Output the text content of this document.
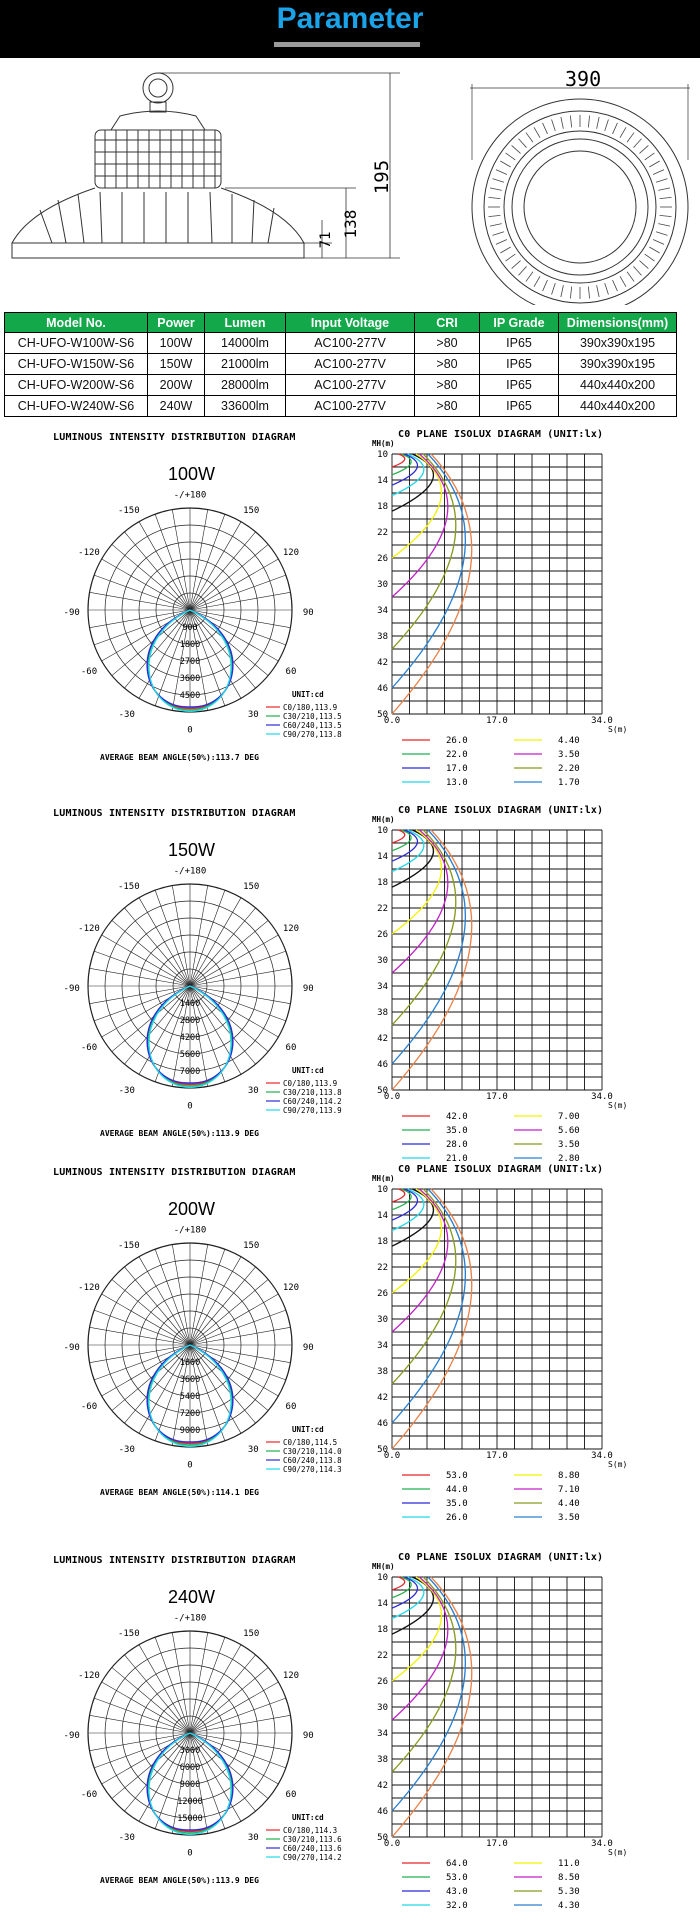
Parameter
390
195
138
71
Model No.	Power	Lumen	Input Voltage	CRI	IP Grade	Dimensions(mm)
CH-UFO-W100W-S6	100W	14000lm	AC100-277V	>80	IP65	390x390x195
CH-UFO-W150W-S6	150W	21000lm	AC100-277V	>80	IP65	390x390x195
CH-UFO-W200W-S6	200W	28000lm	AC100-277V	>80	IP65	440x440x200
CH-UFO-W240W-S6	240W	33600lm	AC100-277V	>80	IP65	440x440x200
LUMINOUS INTENSITY DISTRIBUTION DIAGRAM
100W
C0 PLANE ISOLUX DIAGRAM (UNIT:lx)
-/+180
-150	150
-120	120
-90	90
-60	60
-30	30
0
900
1800
2700
3600
4500	UNIT:cd
C0/180,113.9
C30/210,113.5
C60/240,113.5
C90/270,113.8
AVERAGE BEAM ANGLE(50%):113.7 DEG
MH(m)
10
14
18
22
26
30
34
38
42
46
50
0.0	17.0	34.0
S(m)
26.0
22.0
17.0
13.0
4.40
3.50
2.20
1.70
LUMINOUS INTENSITY DISTRIBUTION DIAGRAM
150W
C0 PLANE ISOLUX DIAGRAM (UNIT:lx)
-/+180
-150	150
-120	120
-90	90
-60	60
-30	30
0
1400
2800
4200
5600
7000	UNIT:cd
C0/180,113.9
C30/210,113.8
C60/240,114.2
C90/270,113.9
AVERAGE BEAM ANGLE(50%):113.9 DEG
MH(m)
10
14
18
22
26
30
34
38
42
46
50
0.0	17.0	34.0
S(m)
42.0
35.0
28.0
21.0
7.00
5.60
3.50
2.80
LUMINOUS INTENSITY DISTRIBUTION DIAGRAM
200W
C0 PLANE ISOLUX DIAGRAM (UNIT:lx)
-/+180
-150	150
-120	120
-90	90
-60	60
-30	30
0
1800
3600
5400
7200
9000	UNIT:cd
C0/180,114.5
C30/210,114.0
C60/240,113.8
C90/270,114.3
AVERAGE BEAM ANGLE(50%):114.1 DEG
MH(m)
10
14
18
22
26
30
34
38
42
46
50
0.0	17.0	34.0
S(m)
53.0
44.0
35.0
26.0
8.80
7.10
4.40
3.50
LUMINOUS INTENSITY DISTRIBUTION DIAGRAM
240W
C0 PLANE ISOLUX DIAGRAM (UNIT:lx)
-/+180
-150	150
-120	120
-90	90
-60	60
-30	30
0
3000
6000
9000
12000
15000	UNIT:cd
C0/180,114.3
C30/210,113.6
C60/240,113.6
C90/270,114.2
AVERAGE BEAM ANGLE(50%):113.9 DEG
MH(m)
10
14
18
22
26
30
34
38
42
46
50
0.0	17.0	34.0
S(m)
64.0
53.0
43.0
32.0
11.0
8.50
5.30
4.30
